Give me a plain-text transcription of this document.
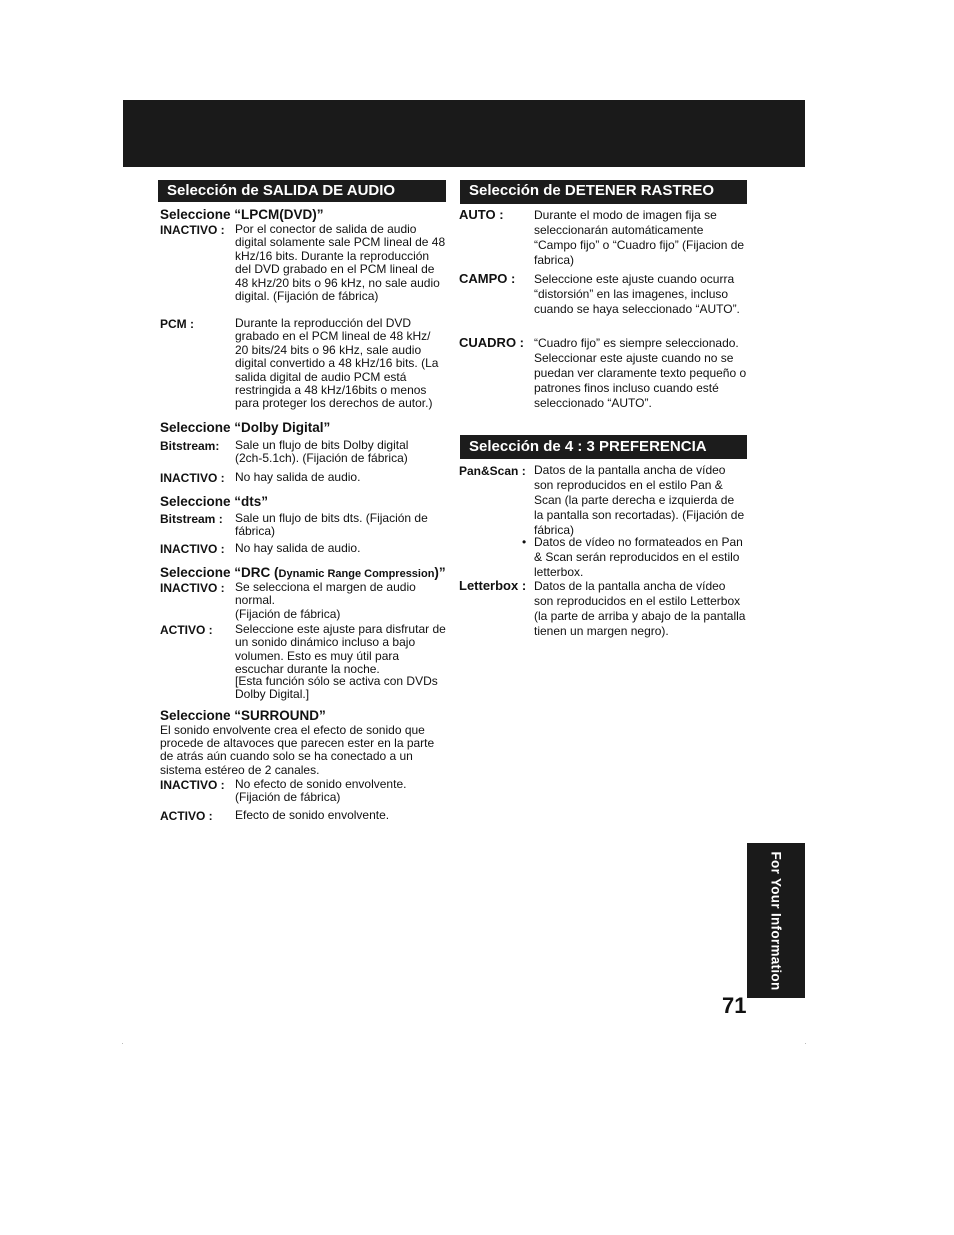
Selección de SALIDA DE AUDIO
Seleccione “LPCM(DVD)”
INACTIVO : Por el conector de salida de audio digital solamente sale PCM lineal de 48 kHz/16 bits. Durante la reproducción del DVD grabado en el PCM lineal de 48 kHz/20 bits o 96 kHz, no sale audio digital. (Fijación de fábrica)
PCM :	Durante la reproducción del DVD grabado en el PCM lineal de 48 kHz/ 20 bits/24 bits o 96 kHz, sale audio digital convertido a 48 kHz/16 bits. (La salida digital de audio PCM está restringida a 48 kHz/16bits o menos para proteger los derechos de autor.)
Seleccione “Dolby Digital”
Bitstream: Sale un flujo de bits Dolby digital (2ch-5.1ch). (Fijación de fábrica)
INACTIVO : No hay salida de audio.
Seleccione “dts”
Bitstream : Sale un flujo de bits dts. (Fijación de fábrica)
INACTIVO : No hay salida de audio.
Seleccione “DRC (Dynamic Range Compression)”
INACTIVO : Se selecciona el margen de audio normal.
(Fijación de fábrica)
ACTIVO : Seleccione este ajuste para disfrutar de un sonido dinámico incluso a bajo volumen. Esto es muy útil para escuchar durante la noche.
[Esta función sólo se activa con DVDs Dolby Digital.]
Seleccione “SURROUND”
El sonido envolvente crea el efecto de sonido que procede de altavoces que parecen ester en la parte de atrás aún cuando solo se ha conectado a un sistema estéreo de 2 canales.
INACTIVO : No efecto de sonido envolvente.
(Fijación de fábrica)
ACTIVO : Efecto de sonido envolvente.
Selección de DETENER RASTREO
AUTO :	Durante el modo de imagen fija se seleccionarán automáticamente “Campo fijo” o “Cuadro fijo” (Fijacion de fabrica)
CAMPO : Seleccione este ajuste cuando ocurra “distorsión” en las imagenes, incluso cuando se haya seleccionado “AUTO”.
CUADRO : “Cuadro fijo” es siempre seleccionado. Seleccionar este ajuste cuando no se puedan ver claramente texto pequeño o patrones finos incluso cuando esté seleccionado “AUTO”.
Selección de 4 : 3 PREFERENCIA
Pan&Scan : Datos de la pantalla ancha de vídeo son reproducidos en el estilo Pan & Scan (la parte derecha e izquierda de la pantalla son recortadas). (Fijación de fábrica)
• Datos de vídeo no formateados en Pan & Scan serán reproducidos en el estilo letterbox.
Letterbox : Datos de la pantalla ancha de vídeo son reproducidos en el estilo Letterbox (la parte de arriba y abajo de la pantalla tienen un margen negro).
For Your Information
71
